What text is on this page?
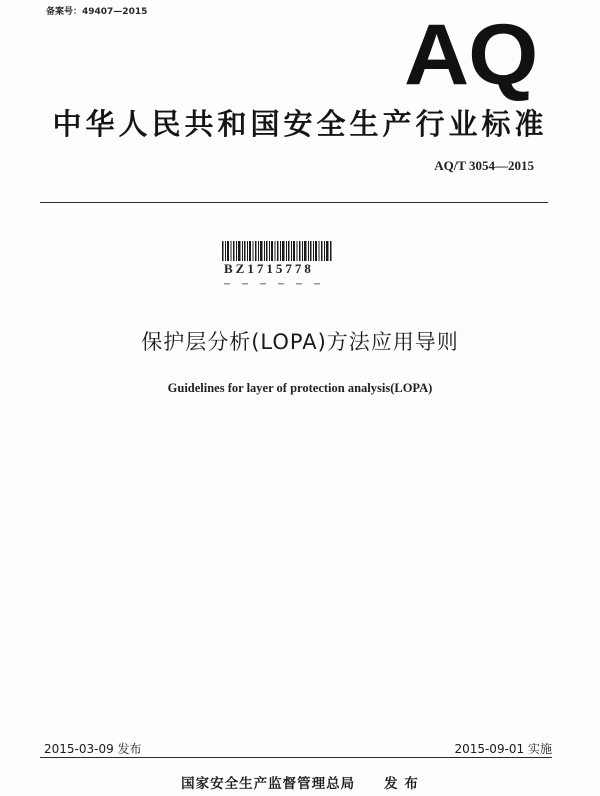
备案号：49407—2015	AQ
中华人民共和国安全生产行业标准
AQ/T 3054—2015
BZ1715778
保护层分析(LOPA)方法应用导则
Guidelines for layer of protection analysis(LOPA)
2015-03-09 发布	2015-09-01 实施
国家安全生产监督管理总局　　发 布
